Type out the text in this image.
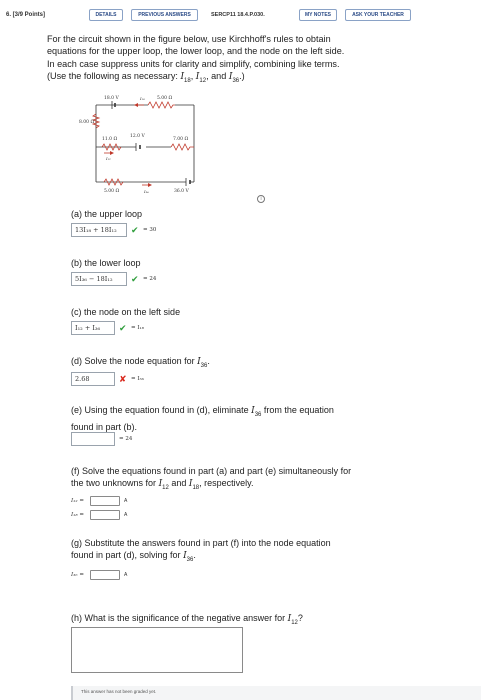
6. [3/9 Points]	DETAILS	PREVIOUS ANSWERS	SERCP11 18.4.P.030.	MY NOTES	ASK YOUR TEACHER
For the circuit shown in the figure below, use Kirchhoff's rules to obtain
equations for the upper loop, the lower loop, and the node on the left side.
In each case suppress units for clarity and simplify, combining like terms.
(Use the following as necessary: $I_{18}$, $I_{12}$, and $I_{36}$.)
18.0 V	I₁₈	5.00 Ω
8.00 Ω
11.0 Ω
12.0 V
7.00 Ω
I₁₂
5.00 Ω	I₃₆	36.0 V
i
(a) the upper loop
13I₁₈ + 18I₁₂	✔ = 30
(b) the lower loop
5I₃₆ − 18I₁₂	✔ = 24
(c) the node on the left side
I₁₂ + I₃₆	✔ = I₁₈
(d) Solve the node equation for $I_{36}$.
2.68	✘ = I₃₆
(e) Using the equation found in (d), eliminate $I_{36}$ from the equation
found in part (b).
= 24
(f) Solve the equations found in part (a) and part (e) simultaneously for
the two unknowns for $I_{12}$ and $I_{18}$, respectively.
I₁₂ =	A
I₁₈ =	A
(g) Substitute the answers found in part (f) into the node equation
found in part (d), solving for $I_{36}$.
I₃₆ =	A
(h) What is the significance of the negative answer for $I_{12}$?
This answer has not been graded yet.
